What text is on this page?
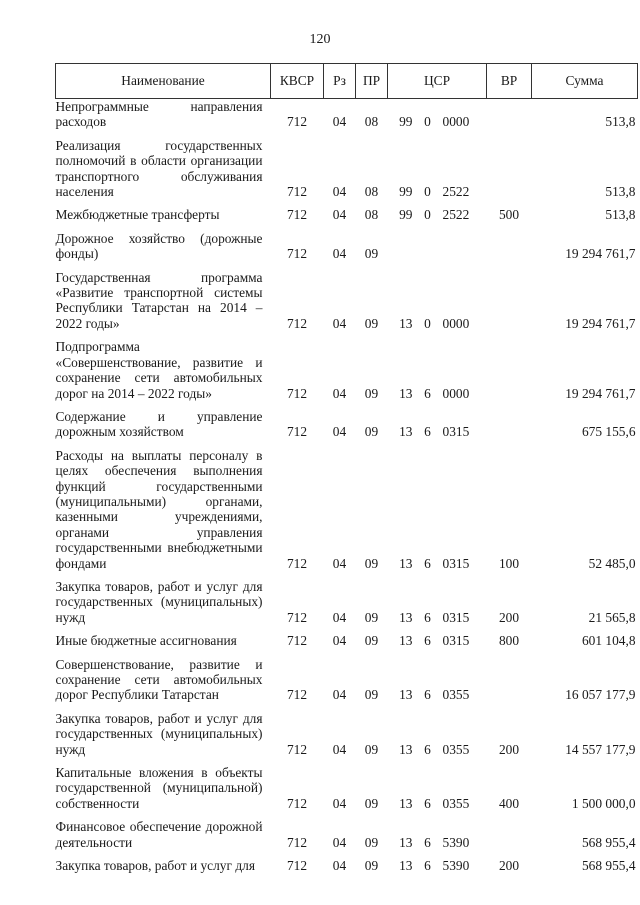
120
Наименование	КВСР	Рз	ПР	ЦСР			ВР	Сумма
Непрограммные направления расходов	712	04	08	99	0	0000		513,8
Реализация государственных полномочий в области организации транспортного обслуживания населения	712	04	08	99	0	2522		513,8
Межбюджетные трансферты	712	04	08	99	0	2522	500	513,8
Дорожное хозяйство (дорожные фонды)	712	04	09					19 294 761,7
Государственная программа «Развитие транспортной системы Республики Татарстан на 2014 – 2022 годы»	712	04	09	13	0	0000		19 294 761,7
Подпрограмма «Совершенствование, развитие и сохранение сети автомобильных дорог на 2014 – 2022 годы»	712	04	09	13	6	0000		19 294 761,7
Содержание и управление дорожным хозяйством	712	04	09	13	6	0315		675 155,6
Расходы на выплаты персоналу в целях обеспечения выполнения функций государственными (муниципальными) органами, казенными учреждениями, органами управления государственными внебюджетными фондами	712	04	09	13	6	0315	100	52 485,0
Закупка товаров, работ и услуг для государственных (муниципальных) нужд	712	04	09	13	6	0315	200	21 565,8
Иные бюджетные ассигнования	712	04	09	13	6	0315	800	601 104,8
Совершенствование, развитие и сохранение сети автомобильных дорог Республики Татарстан	712	04	09	13	6	0355		16 057 177,9
Закупка товаров, работ и услуг для государственных (муниципальных) нужд	712	04	09	13	6	0355	200	14 557 177,9
Капитальные вложения в объекты государственной (муниципальной) собственности	712	04	09	13	6	0355	400	1 500 000,0
Финансовое обеспечение дорожной деятельности	712	04	09	13	6	5390		568 955,4
Закупка товаров, работ и услуг для	712	04	09	13	6	5390	200	568 955,4
